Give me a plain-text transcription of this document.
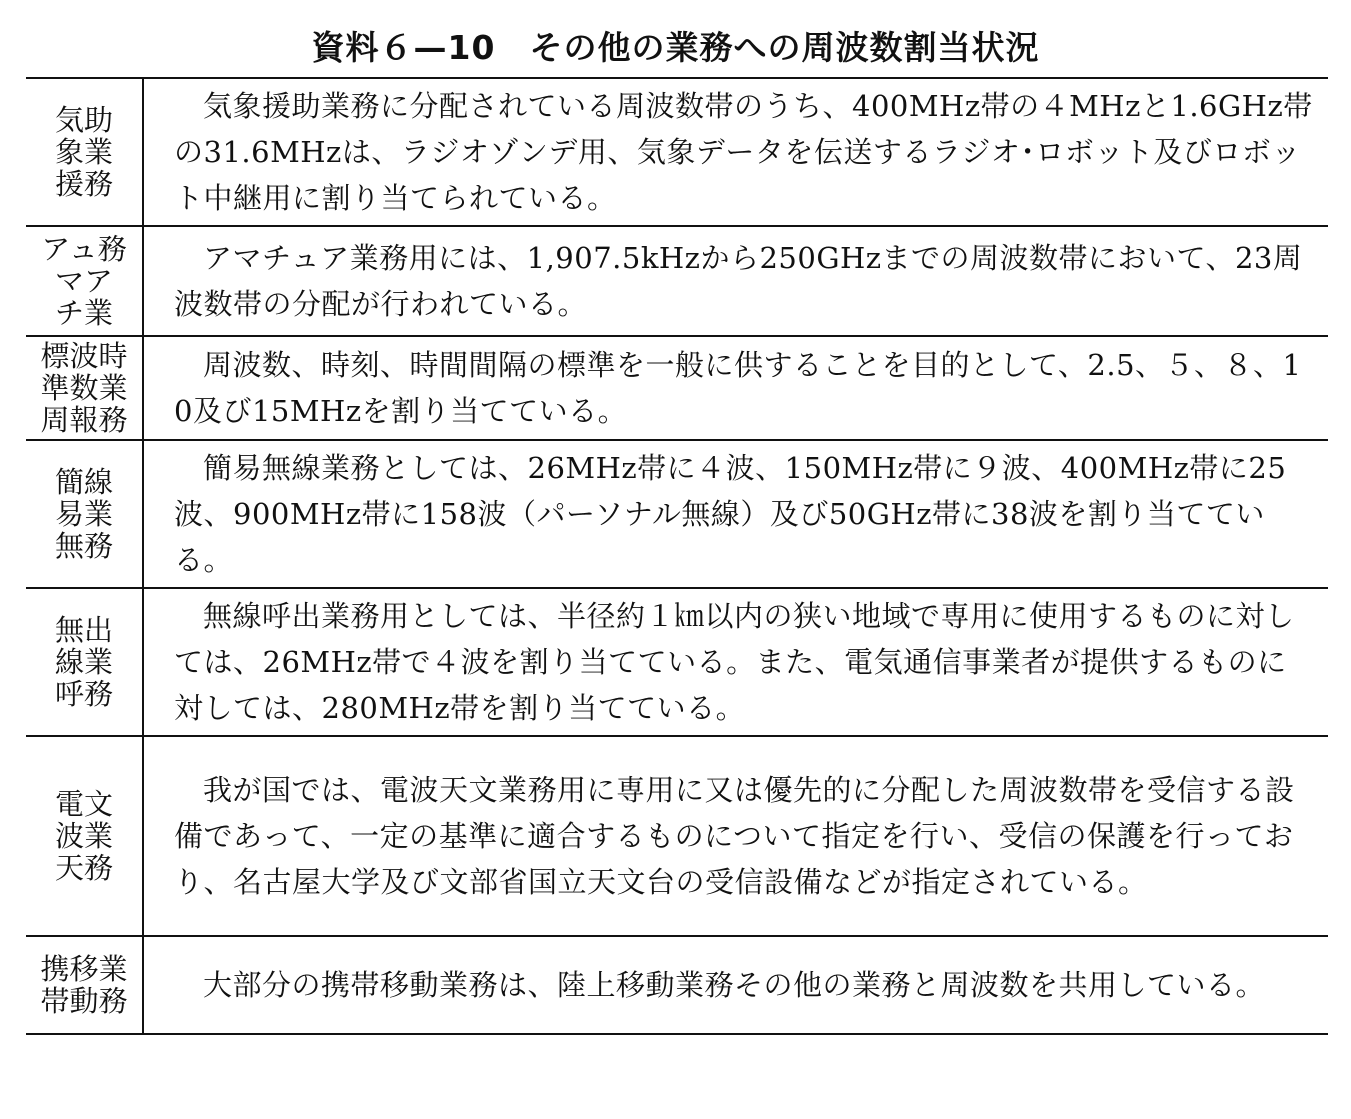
資料６—10　その他の業務への周波数割当状況
気助
象業
援務	気象援助業務に分配されている周波数帯のうち、400MHz帯の４MHzと1.6GHz帯の31.6MHzは、ラジオゾンデ用、気象データを伝送するラジオ･ロボット及びロボット中継用に割り当てられている。

アュ務
マア
チ業	アマチュア業務用には、1,907.5kHzから250GHzまでの周波数帯において、23周波数帯の分配が行われている。

標波時
準数業
周報務	周波数、時刻、時間間隔の標準を一般に供することを目的として、2.5、５、８、10及び15MHzを割り当てている。

簡線
易業
無務	簡易無線業務としては、26MHz帯に４波、150MHz帯に９波、400MHz帯に25波、900MHz帯に158波（パーソナル無線）及び50GHz帯に38波を割り当てている。

無出
線業
呼務	無線呼出業務用としては、半径約１㎞以内の狭い地域で専用に使用するものに対しては、26MHz帯で４波を割り当てている。また、電気通信事業者が提供するものに対しては、280MHz帯を割り当てている。

電文
波業
天務	我が国では、電波天文業務用に専用に又は優先的に分配した周波数帯を受信する設備であって、一定の基準に適合するものについて指定を行い、受信の保護を行っており、名古屋大学及び文部省国立天文台の受信設備などが指定されている。

携移業
帯動務	大部分の携帯移動業務は、陸上移動業務その他の業務と周波数を共用している。
